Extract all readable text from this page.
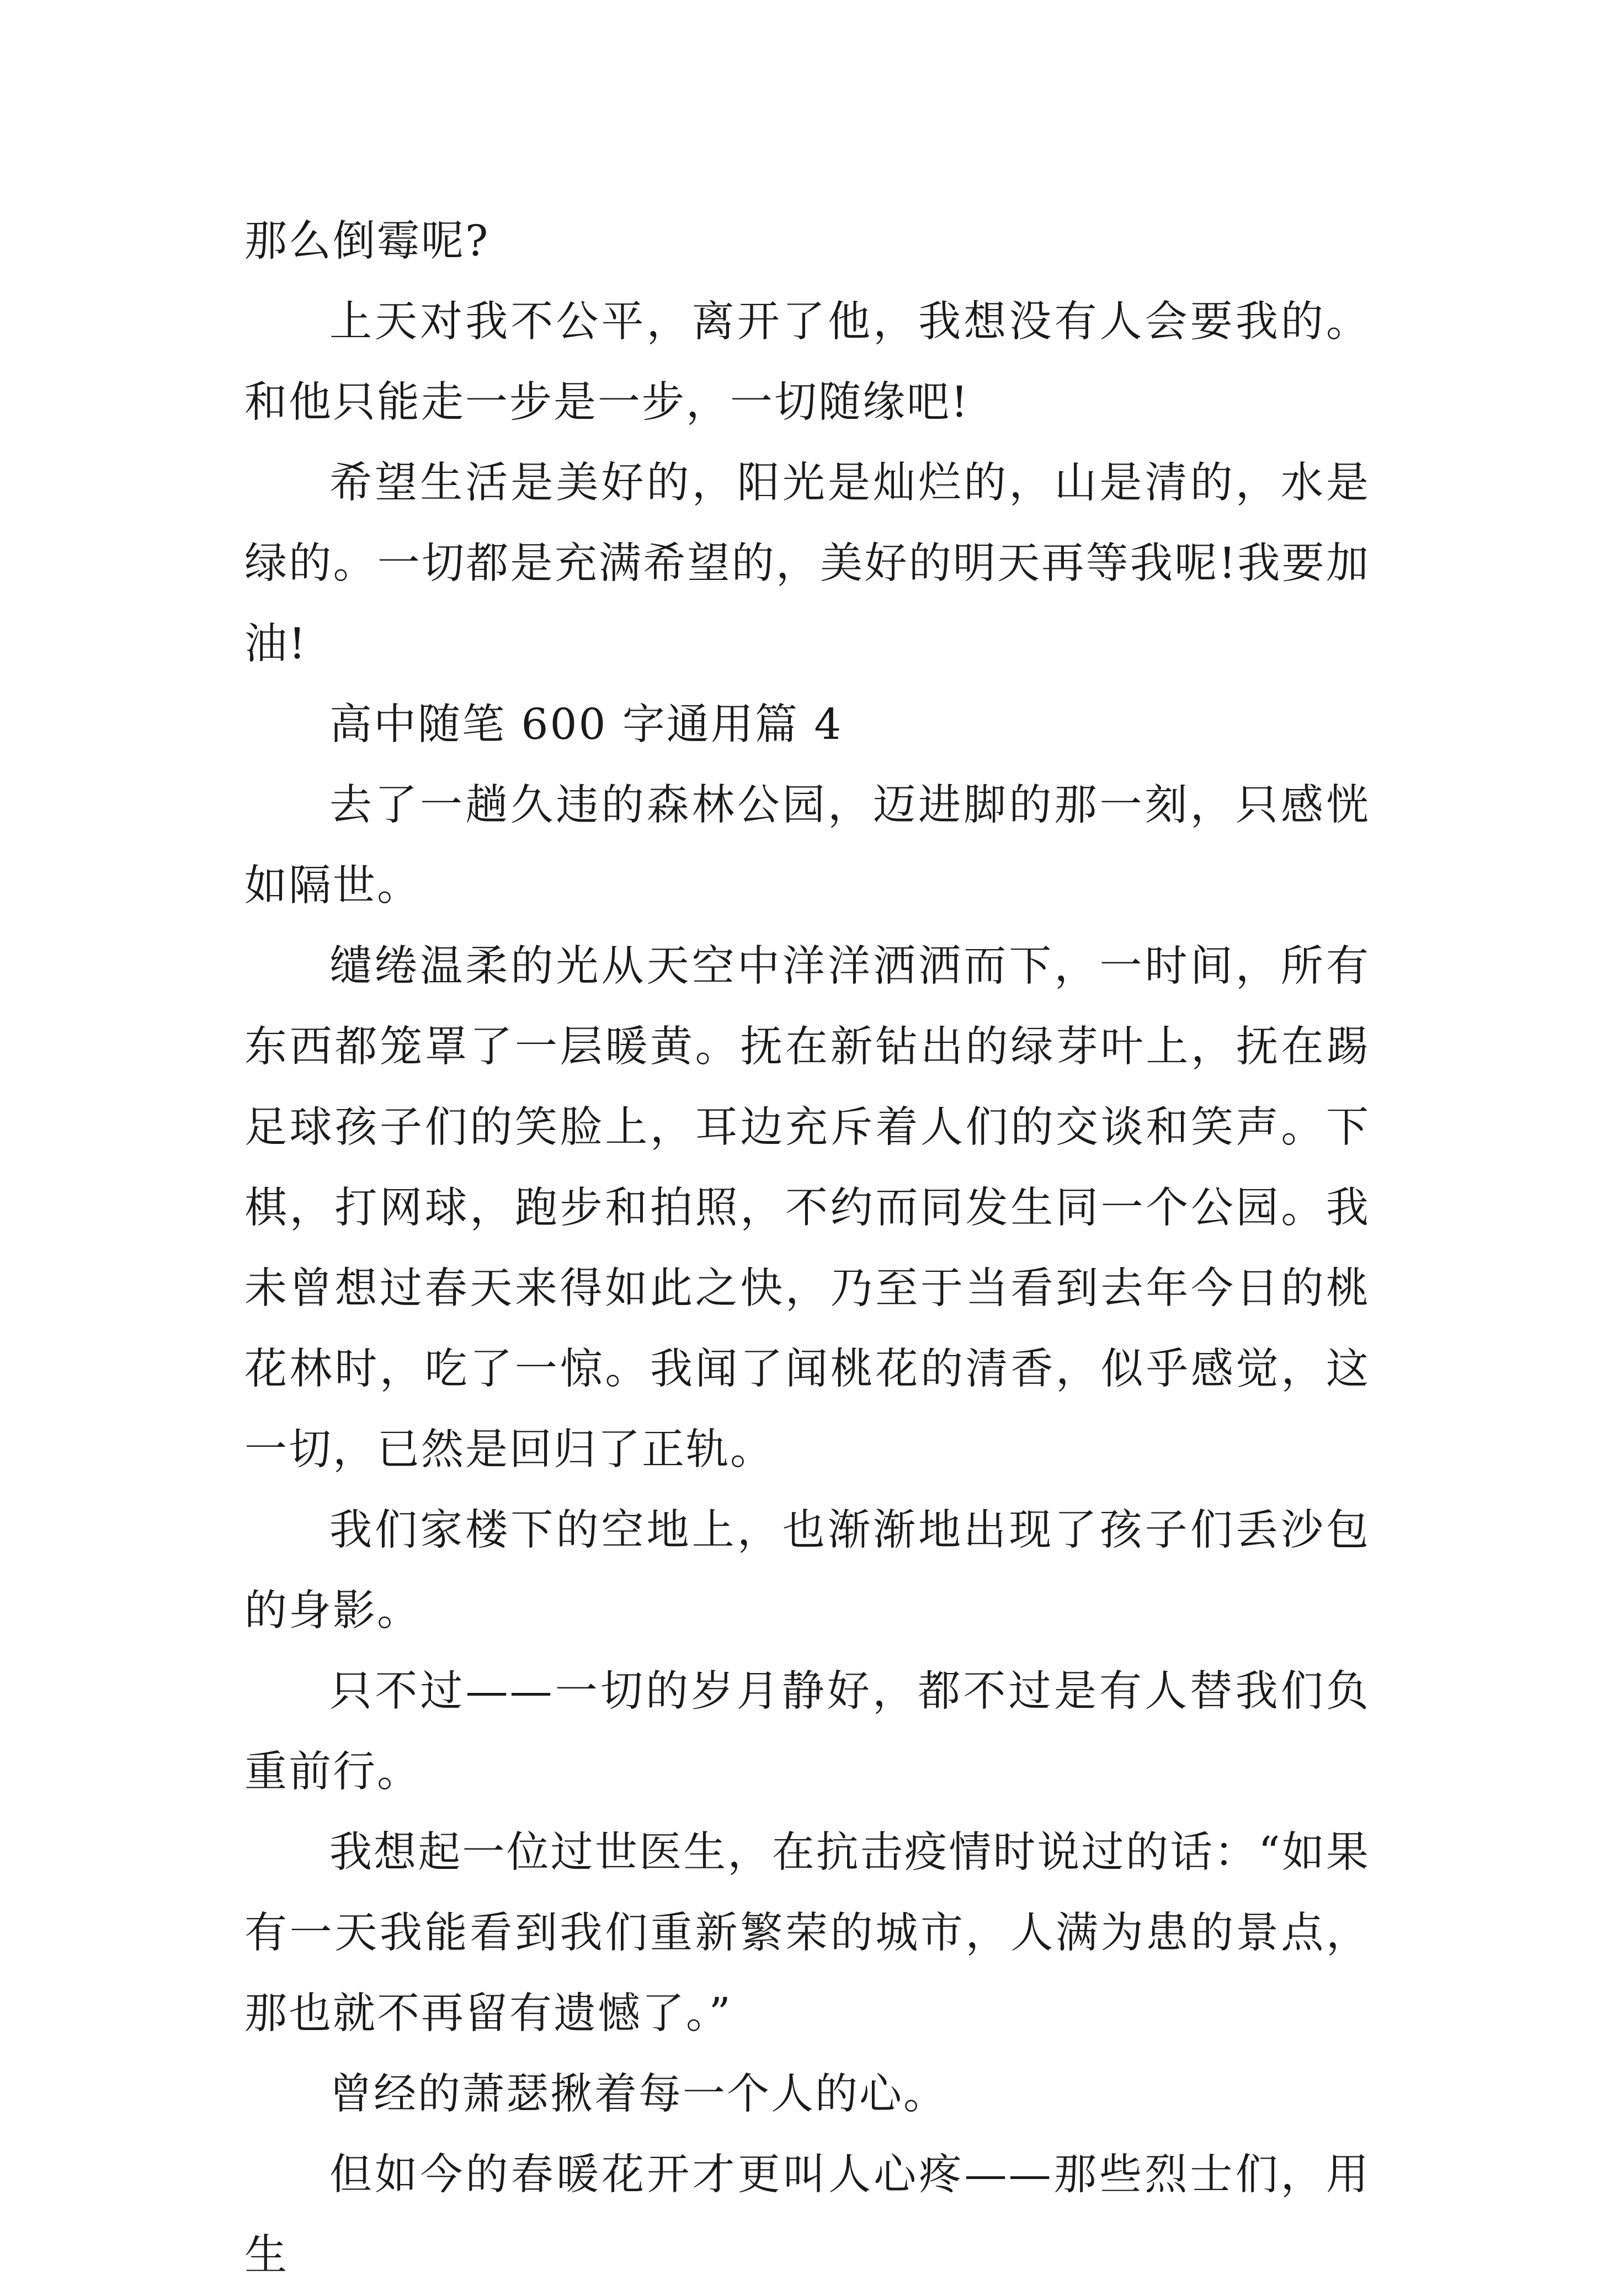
那么倒霉呢?

上天对我不公平，离开了他，我想没有人会要我的。和他只能走一步是一步，一切随缘吧!

希望生活是美好的，阳光是灿烂的，山是清的，水是绿的。一切都是充满希望的，美好的明天再等我呢!我要加油!

高中随笔 600 字通用篇 4

去了一趟久违的森林公园，迈进脚的那一刻，只感恍如隔世。

缱绻温柔的光从天空中洋洋洒洒而下，一时间，所有东西都笼罩了一层暖黄。抚在新钻出的绿芽叶上，抚在踢足球孩子们的笑脸上，耳边充斥着人们的交谈和笑声。下棋，打网球，跑步和拍照，不约而同发生同一个公园。我未曾想过春天来得如此之快，乃至于当看到去年今日的桃花林时，吃了一惊。我闻了闻桃花的清香，似乎感觉，这一切，已然是回归了正轨。

我们家楼下的空地上，也渐渐地出现了孩子们丢沙包的身影。

只不过——一切的岁月静好，都不过是有人替我们负重前行。

我想起一位过世医生，在抗击疫情时说过的话：“如果有一天我能看到我们重新繁荣的城市，人满为患的景点，那也就不再留有遗憾了。”

曾经的萧瑟揪着每一个人的心。

但如今的春暖花开才更叫人心疼——那些烈士们，用生
